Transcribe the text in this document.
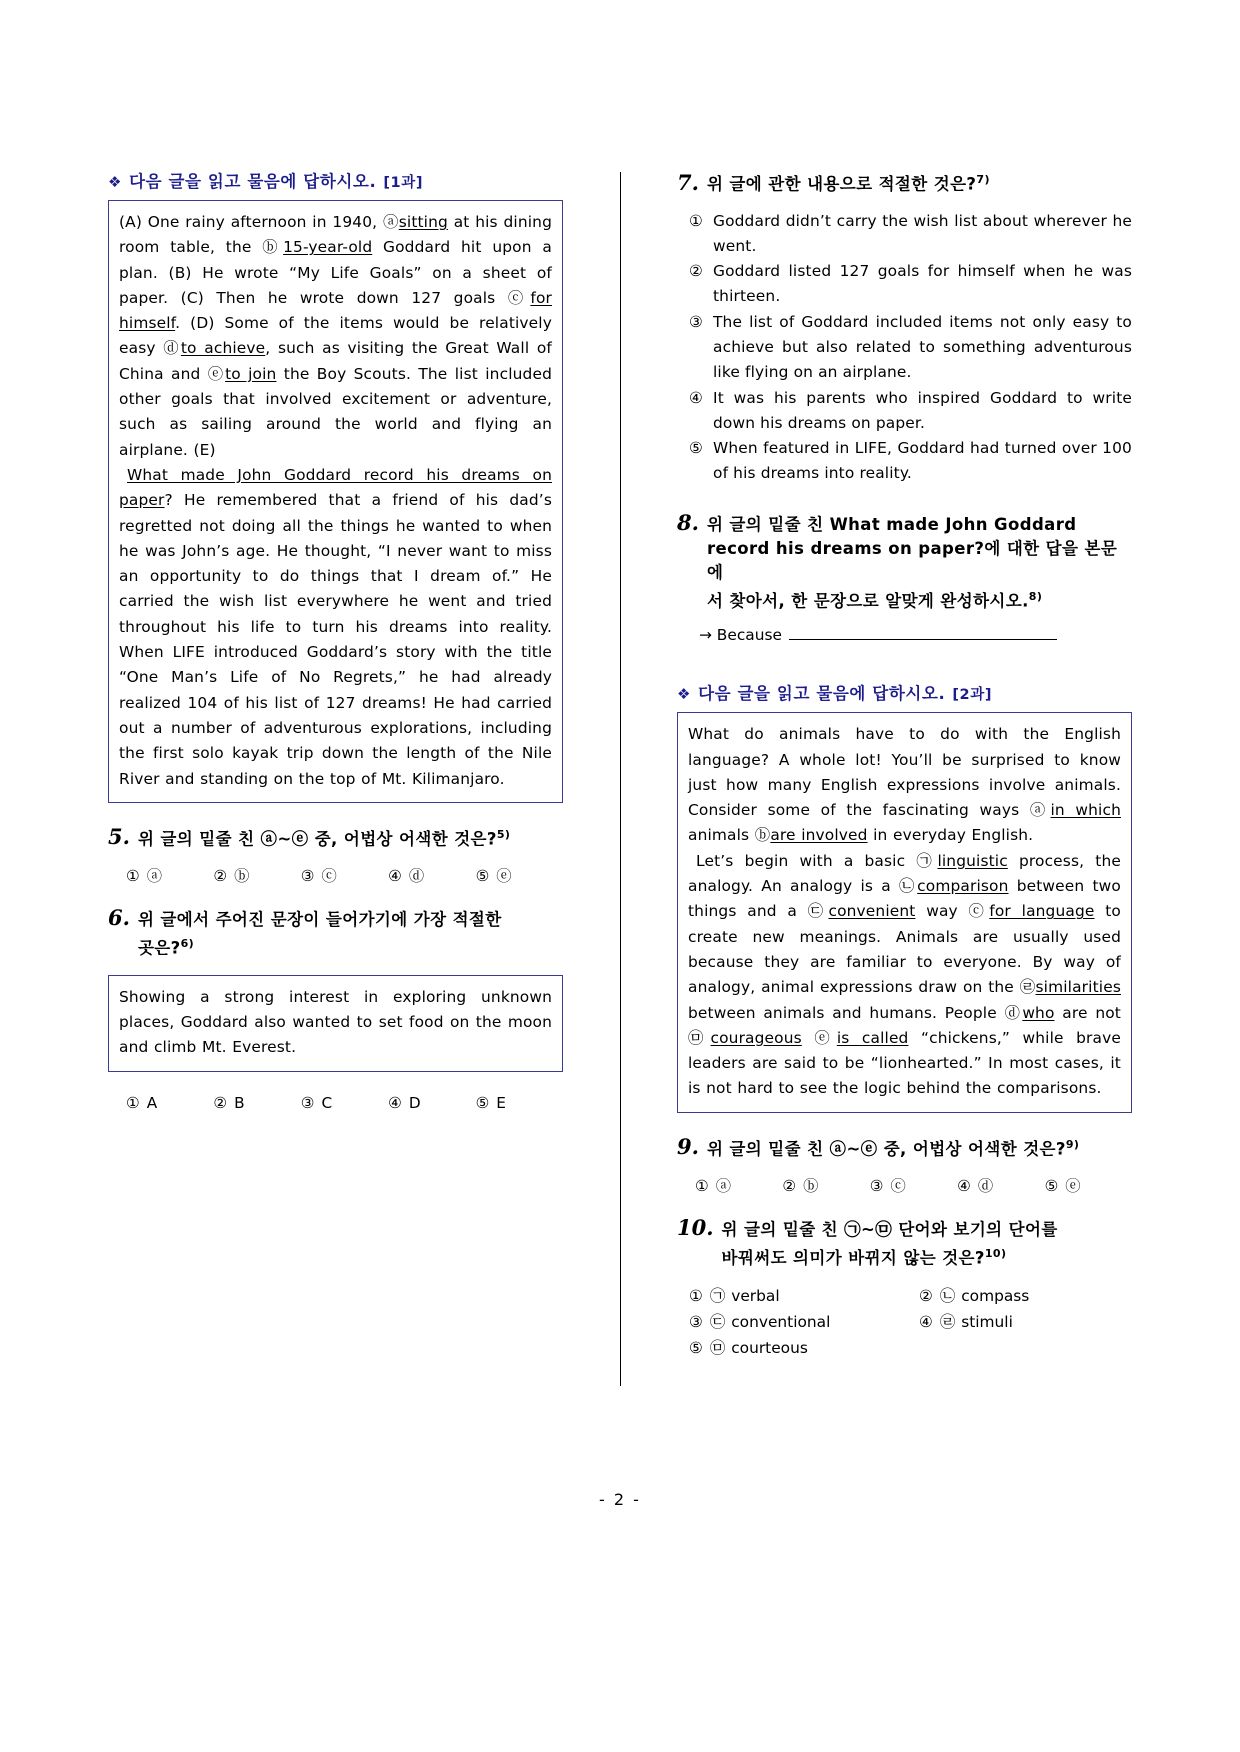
❖ 다음 글을 읽고 물음에 답하시오. [1과]

(A) One rainy afternoon in 1940, ⓐsitting at his dining room table, the ⓑ15-year-old Goddard hit upon a plan. (B) He wrote “My Life Goals” on a sheet of paper. (C) Then he wrote down 127 goals ⓒfor himself. (D) Some of the items would be relatively easy ⓓto achieve, such as visiting the Great Wall of China and ⓔto join the Boy Scouts. The list included other goals that involved excitement or adventure, such as sailing around the world and flying an airplane. (E)

What made John Goddard record his dreams on paper? He remembered that a friend of his dad’s regretted not doing all the things he wanted to when he was John’s age. He thought, “I never want to miss an opportunity to do things that I dream of.” He carried the wish list everywhere he went and tried throughout his life to turn his dreams into reality. When LIFE introduced Goddard’s story with the title “One Man’s Life of No Regrets,” he had already realized 104 of his list of 127 dreams! He had carried out a number of adventurous explorations, including the first solo kayak trip down the length of the Nile River and standing on the top of Mt. Kilimanjaro.

5. 위 글의 밑줄 친 ⓐ~ⓔ 중, 어법상 어색한 것은?$^{5)}$
① ⓐ	② ⓑ	③ ⓒ	④ ⓓ	⑤ ⓔ
6. 위 글에서 주어진 문장이 들어가기에 가장 적절한

곳은?$^{6)}$
Showing a strong interest in exploring unknown places, Goddard also wanted to set food on the moon and climb Mt. Everest.
① A	② B	③ C	④ D	⑤ E
7. 위 글에 관한 내용으로 적절한 것은?$^{7)}$
① Goddard didn’t carry the wish list about wherever he went.
② Goddard listed 127 goals for himself when he was thirteen.
③ The list of Goddard included items not only easy to achieve but also related to something adventurous like flying on an airplane.
④ It was his parents who inspired Goddard to write down his dreams on paper.
⑤ When featured in LIFE, Goddard had turned over 100 of his dreams into reality.
8. 위 글의 밑줄 친 What made John Goddard record his dreams on paper?에 대한 답을 본문에
서 찾아서, 한 문장으로 알맞게 완성하시오.$^{8)}$
→ Because
❖ 다음 글을 읽고 물음에 답하시오. [2과]

What do animals have to do with the English language? A whole lot! You’ll be surprised to know just how many English expressions involve animals. Consider some of the fascinating ways ⓐin which animals ⓑare involved in everyday English.

Let’s begin with a basic ㉠linguistic process, the analogy. An analogy is a ㉡comparison between two things and a ㉢convenient way ⓒfor language to create new meanings. Animals are usually used because they are familiar to everyone. By way of analogy, animal expressions draw on the ㉣similarities between animals and humans. People ⓓwho are not ㉤courageous ⓔis called “chickens,” while brave leaders are said to be “lionhearted.” In most cases, it is not hard to see the logic behind the comparisons.

9. 위 글의 밑줄 친 ⓐ~ⓔ 중, 어법상 어색한 것은?$^{9)}$
① ⓐ	② ⓑ	③ ⓒ	④ ⓓ	⑤ ⓔ
10. 위 글의 밑줄 친 ㉠~㉤ 단어와 보기의 단어를
바꿔써도 의미가 바뀌지 않는 것은?$^{10)}$
① ㉠ verbal	② ㉡ compass
③ ㉢ conventional	④ ㉣ stimuli
⑤ ㉤ courteous
- 2 -
